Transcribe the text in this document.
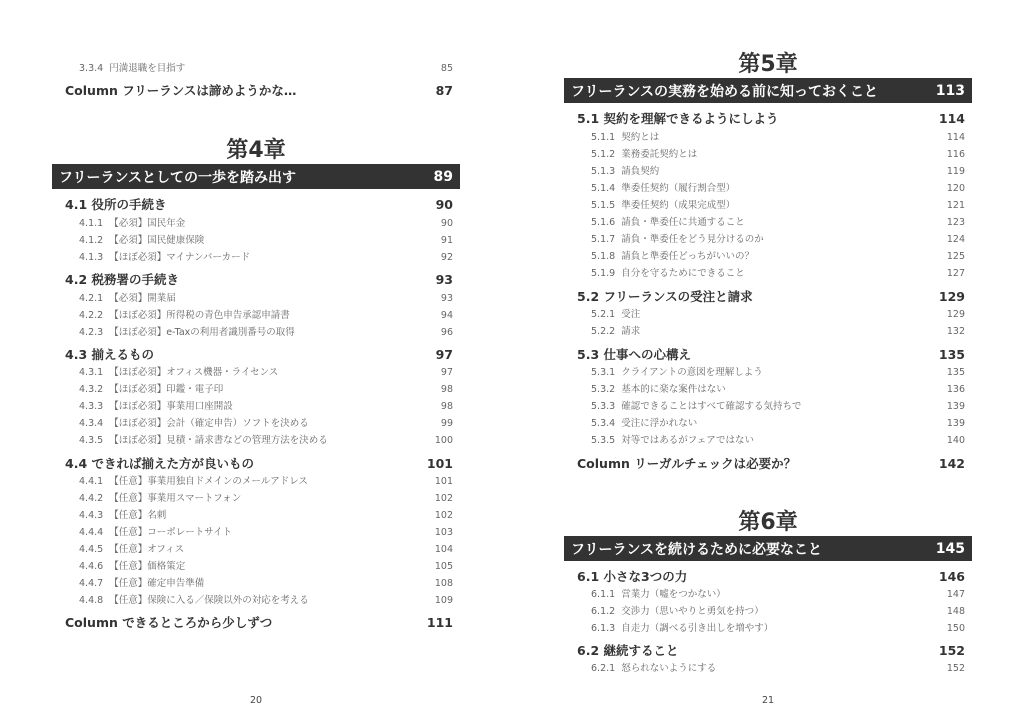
3.3.4 円満退職を目指す	85
Column フリーランスは諦めようかな…	87
第4章
フリーランスとしての一歩を踏み出す	89
4.1 役所の手続き	90
4.1.1 【必須】国民年金	90
4.1.2 【必須】国民健康保険	91
4.1.3 【ほぼ必須】マイナンバーカード	92
4.2 税務署の手続き	93
4.2.1 【必須】開業届	93
4.2.2 【ほぼ必須】所得税の青色申告承認申請書	94
4.2.3 【ほぼ必須】e-Taxの利用者識別番号の取得	96
4.3 揃えるもの	97
4.3.1 【ほぼ必須】オフィス機器・ライセンス	97
4.3.2 【ほぼ必須】印鑑・電子印	98
4.3.3 【ほぼ必須】事業用口座開設	98
4.3.4 【ほぼ必須】会計（確定申告）ソフトを決める	99
4.3.5 【ほぼ必須】見積・請求書などの管理方法を決める	100
4.4 できれば揃えた方が良いもの	101
4.4.1 【任意】事業用独自ドメインのメールアドレス	101
4.4.2 【任意】事業用スマートフォン	102
4.4.3 【任意】名刺	102
4.4.4 【任意】コーポレートサイト	103
4.4.5 【任意】オフィス	104
4.4.6 【任意】価格策定	105
4.4.7 【任意】確定申告準備	108
4.4.8 【任意】保険に入る／保険以外の対応を考える	109
Column できるところから少しずつ	111
20
第5章
フリーランスの実務を始める前に知っておくこと	113
5.1 契約を理解できるようにしよう	114
5.1.1 契約とは	114
5.1.2 業務委託契約とは	116
5.1.3 請負契約	119
5.1.4 準委任契約（履行割合型）	120
5.1.5 準委任契約（成果完成型）	121
5.1.6 請負・準委任に共通すること	123
5.1.7 請負・準委任をどう見分けるのか	124
5.1.8 請負と準委任どっちがいいの？	125
5.1.9 自分を守るためにできること	127
5.2 フリーランスの受注と請求	129
5.2.1 受注	129
5.2.2 請求	132
5.3 仕事への心構え	135
5.3.1 クライアントの意図を理解しよう	135
5.3.2 基本的に楽な案件はない	136
5.3.3 確認できることはすべて確認する気持ちで	139
5.3.4 受注に浮かれない	139
5.3.5 対等ではあるがフェアではない	140
Column リーガルチェックは必要か？	142
第6章
フリーランスを続けるために必要なこと	145
6.1 小さな3つの力	146
6.1.1 営業力（嘘をつかない）	147
6.1.2 交渉力（思いやりと勇気を持つ）	148
6.1.3 自走力（調べる引き出しを増やす）	150
6.2 継続すること	152
6.2.1 怒られないようにする	152
21
